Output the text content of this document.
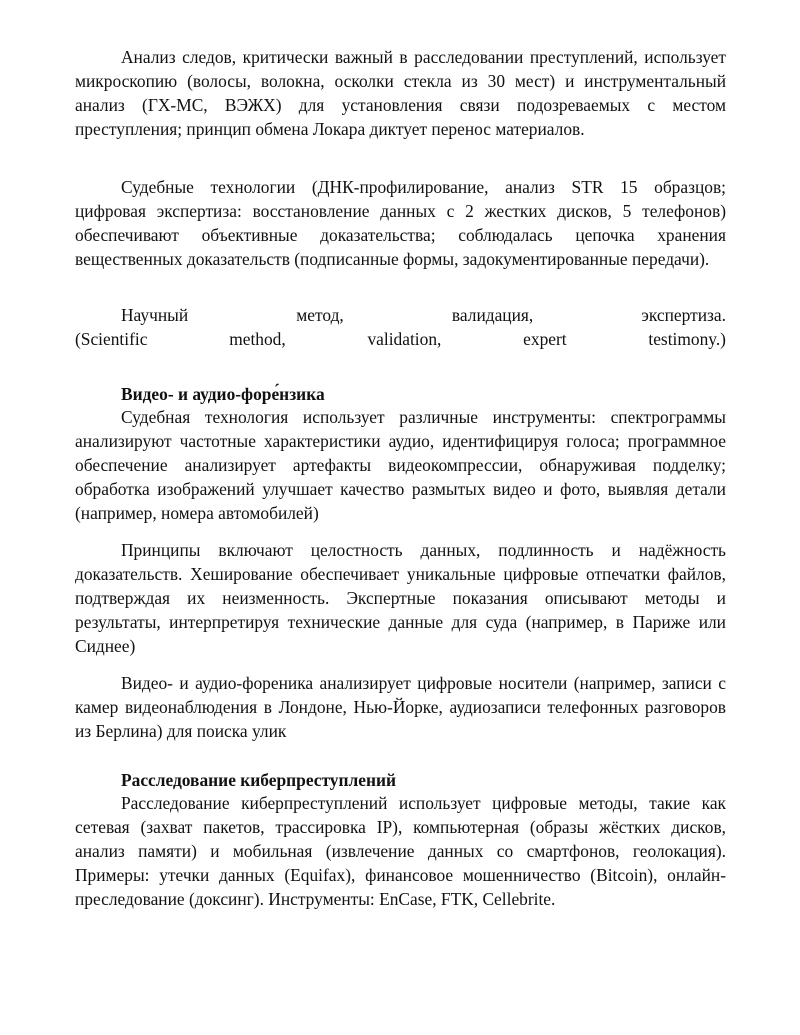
Анализ следов, критически важный в расследовании преступлений, использует микроскопию (волосы, волокна, осколки стекла из 30 мест) и инструментальный анализ (ГХ-МС, ВЭЖХ) для установления связи подозреваемых с местом преступления; принцип обмена Локара диктует перенос материалов.

Судебные технологии (ДНК-профилирование, анализ STR 15 образцов; цифровая экспертиза: восстановление данных с 2 жестких дисков, 5 телефонов) обеспечивают объективные доказательства; соблюдалась цепочка хранения вещественных доказательств (подписанные формы, задокументированные передачи).

Научный	метод,	валидация,	экспертиза.
(Scientific	method,	validation,	expert	testimony.)
Видео- и аудио-форе́нзика

Судебная технология использует различные инструменты: спектрограммы анализируют частотные характеристики аудио, идентифицируя голоса; программное обеспечение анализирует артефакты видеокомпрессии, обнаруживая подделку; обработка изображений улучшает качество размытых видео и фото, выявляя детали (например, номера автомобилей)

Принципы включают целостность данных, подлинность и надёжность доказательств. Хеширование обеспечивает уникальные цифровые отпечатки файлов, подтверждая их неизменность. Экспертные показания описывают методы и результаты, интерпретируя технические данные для суда (например, в Париже или Сиднее)

Видео- и аудио-фореника анализирует цифровые носители (например, записи с камер видеонаблюдения в Лондоне, Нью-Йорке, аудиозаписи телефонных разговоров из Берлина) для поиска улик

Расследование киберпреступлений

Расследование киберпреступлений использует цифровые методы, такие как сетевая (захват пакетов, трассировка IP), компьютерная (образы жёстких дисков, анализ памяти) и мобильная (извлечение данных со смартфонов, геолокация). Примеры: утечки данных (Equifax), финансовое мошенничество (Bitcoin), онлайн-преследование (доксинг). Инструменты: EnCase, FTK, Cellebrite.
